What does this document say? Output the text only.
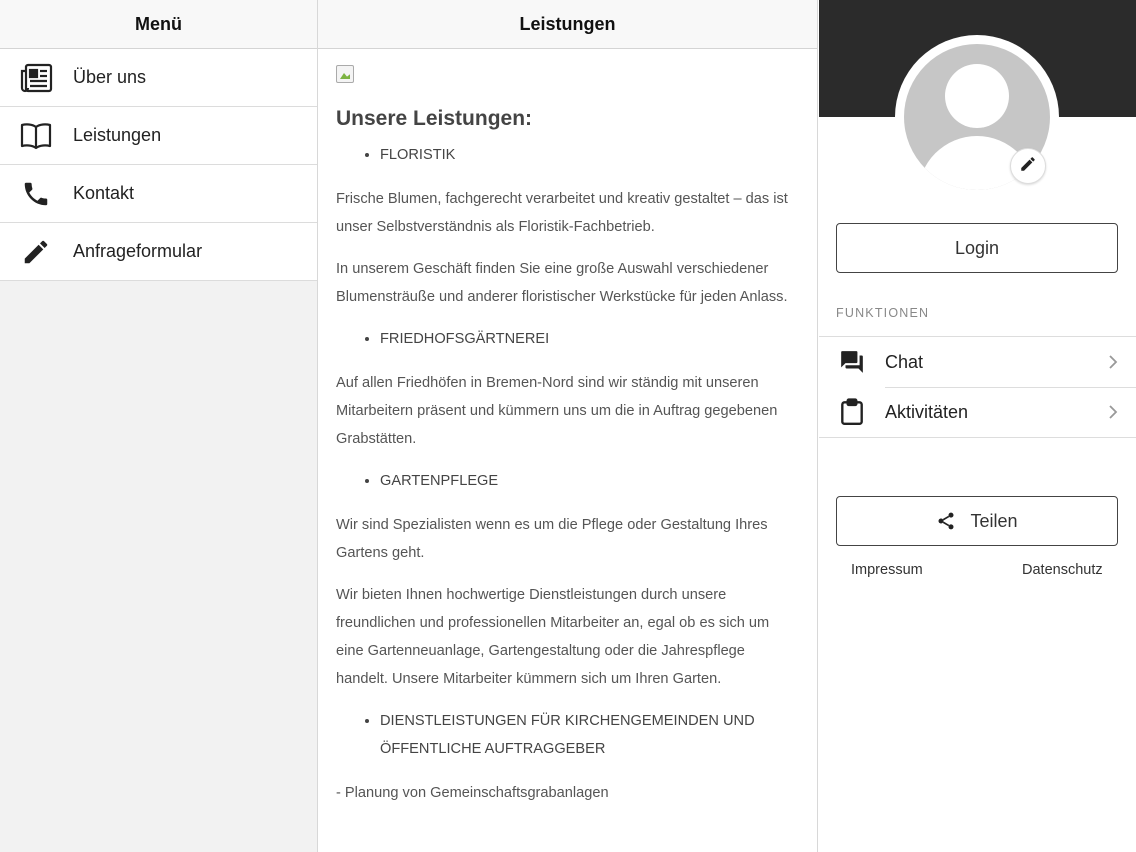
Menü
Über uns
Leistungen
Kontakt
Anfrageformular
Leistungen
Unsere Leistungen:
FLORISTIK

Frische Blumen, fachgerecht verarbeitet und kreativ gestaltet – das ist unser Selbstverständnis als Floristik-Fachbetrieb.

In unserem Geschäft finden Sie eine große Auswahl verschiedener Blumensträuße und anderer floristischer Werkstücke für jeden Anlass.

FRIEDHOFSGÄRTNEREI

Auf allen Friedhöfen in Bremen-Nord sind wir ständig mit unseren Mitarbeitern präsent und kümmern uns um die in Auftrag gegebenen Grabstätten.

GARTENPFLEGE

Wir sind Spezialisten wenn es um die Pflege oder Gestaltung Ihres Gartens geht.

Wir bieten Ihnen hochwertige Dienstleistungen durch unsere freundlichen und professionellen Mitarbeiter an, egal ob es sich um eine Gartenneuanlage, Gartengestaltung oder die Jahrespflege handelt. Unsere Mitarbeiter kümmern sich um Ihren Garten.

DIENSTLEISTUNGEN FÜR KIRCHENGEMEINDEN UND ÖFFENTLICHE AUFTRAGGEBER

- Planung von Gemeinschaftsgrabanlagen

Login
FUNKTIONEN
Chat
Aktivitäten
Teilen
Impressum	Datenschutz
